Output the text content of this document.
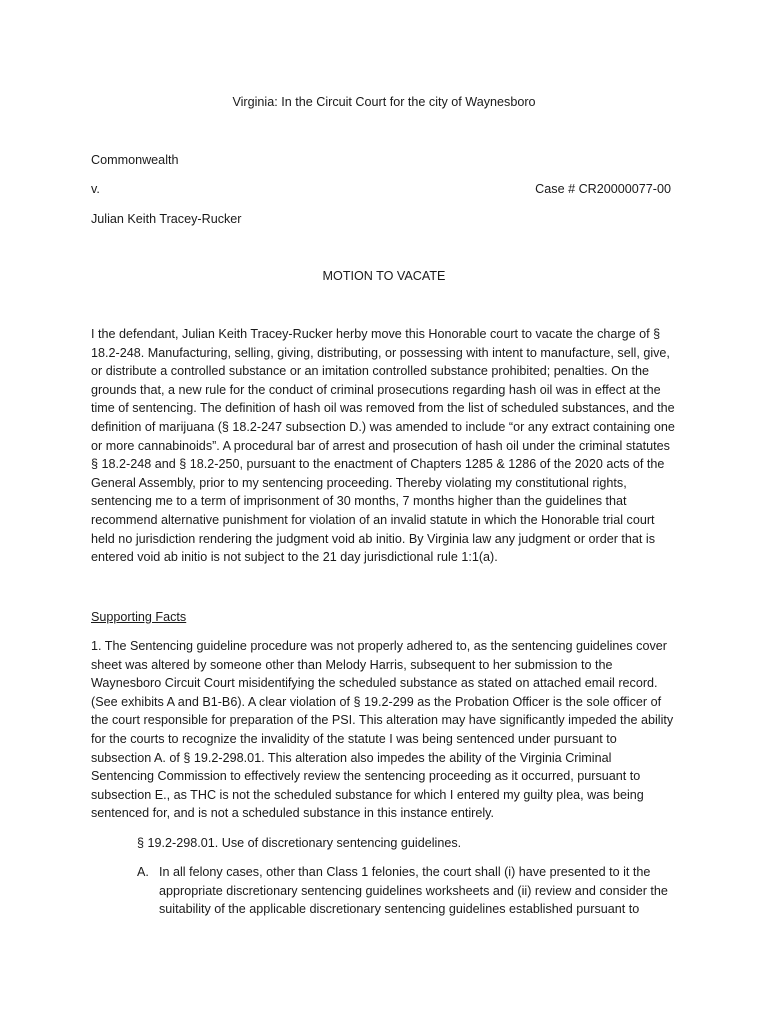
Virginia: In the Circuit Court for the city of Waynesboro
Commonwealth
v.	Case # CR20000077-00
Julian Keith Tracey-Rucker
MOTION TO VACATE

I the defendant, Julian Keith Tracey-Rucker herby move this Honorable court to vacate the charge of § 18.2-248. Manufacturing, selling, giving, distributing, or possessing with intent to manufacture, sell, give, or distribute a controlled substance or an imitation controlled substance prohibited; penalties. On the grounds that, a new rule for the conduct of criminal prosecutions regarding hash oil was in effect at the time of sentencing. The definition of hash oil was removed from the list of scheduled substances, and the definition of marijuana (§ 18.2-247 subsection D.) was amended to include “or any extract containing one or more cannabinoids”. A procedural bar of arrest and prosecution of hash oil under the criminal statutes § 18.2-248 and § 18.2-250, pursuant to the enactment of Chapters 1285 & 1286 of the 2020 acts of the General Assembly, prior to my sentencing proceeding. Thereby violating my constitutional rights, sentencing me to a term of imprisonment of 30 months, 7 months higher than the guidelines that recommend alternative punishment for violation of an invalid statute in which the Honorable trial court held no jurisdiction rendering the judgment void ab initio. By Virginia law any judgment or order that is entered void ab initio is not subject to the 21 day jurisdictional rule 1:1(a).

Supporting Facts

1. The Sentencing guideline procedure was not properly adhered to, as the sentencing guidelines cover sheet was altered by someone other than Melody Harris, subsequent to her submission to the Waynesboro Circuit Court misidentifying the scheduled substance as stated on attached email record. (See exhibits A and B1-B6). A clear violation of § 19.2-299 as the Probation Officer is the sole officer of the court responsible for preparation of the PSI. This alteration may have significantly impeded the ability for the courts to recognize the invalidity of the statute I was being sentenced under pursuant to subsection A. of § 19.2-298.01. This alteration also impedes the ability of the Virginia Criminal Sentencing Commission to effectively review the sentencing proceeding as it occurred, pursuant to subsection E., as THC is not the scheduled substance for which I entered my guilty plea, was being sentenced for, and is not a scheduled substance in this instance entirely.

§ 19.2-298.01. Use of discretionary sentencing guidelines.
A. In all felony cases, other than Class 1 felonies, the court shall (i) have presented to it the appropriate discretionary sentencing guidelines worksheets and (ii) review and consider the suitability of the applicable discretionary sentencing guidelines established pursuant to
